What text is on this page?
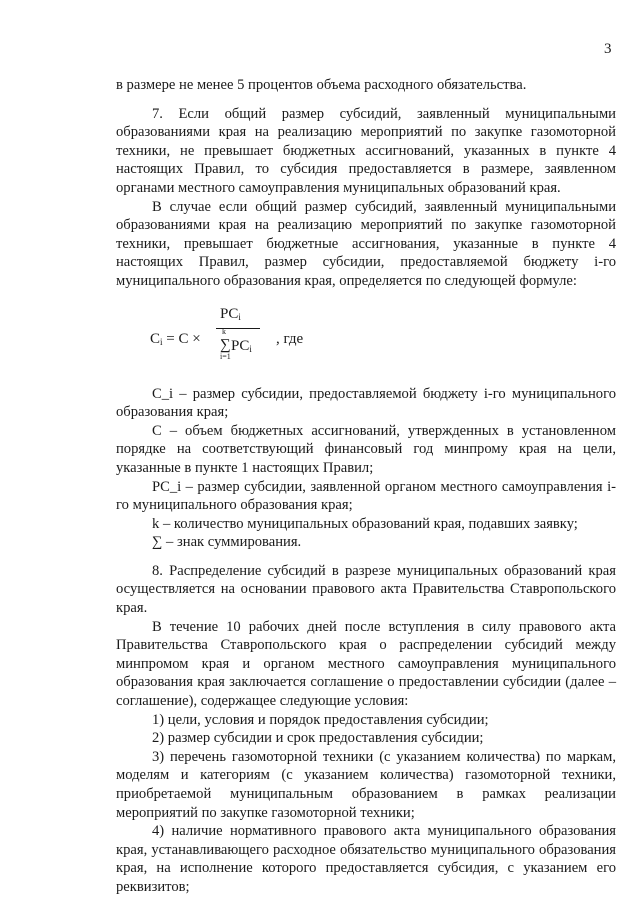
3

в размере не менее 5 процентов объема расходного обязательства.

7. Если общий размер субсидий, заявленный муниципальными образованиями края на реализацию мероприятий по закупке газомоторной техники, не превышает бюджетных ассигнований, указанных в пункте 4 настоящих Правил, то субсидия предоставляется в размере, заявленном органами местного самоуправления муниципальных образований края.

В случае если общий размер субсидий, заявленный муниципальными образованиями края на реализацию мероприятий по закупке газомоторной техники, превышает бюджетные ассигнования, указанные в пункте 4 настоящих Правил, размер субсидии, предоставляемой бюджету i-го муниципального образования края, определяется по следующей формуле:

$C_i = C$ ×
$PC_i$
k
∑ $PC_i$
i=1
, где

C_i – размер субсидии, предоставляемой бюджету i-го муниципального образования края;

C – объем бюджетных ассигнований, утвержденных в установленном порядке на соответствующий финансовый год минпрому края на цели, указанные в пункте 1 настоящих Правил;

PC_i – размер субсидии, заявленной органом местного самоуправления i-го муниципального образования края;

k – количество муниципальных образований края, подавших заявку;

∑ – знак суммирования.

8. Распределение субсидий в разрезе муниципальных образований края осуществляется на основании правового акта Правительства Ставропольского края.

В течение 10 рабочих дней после вступления в силу правового акта Правительства Ставропольского края о распределении субсидий между минпромом края и органом местного самоуправления муниципального образования края заключается соглашение о предоставлении субсидии (далее – соглашение), содержащее следующие условия:

1) цели, условия и порядок предоставления субсидии;

2) размер субсидии и срок предоставления субсидии;

3) перечень газомоторной техники (с указанием количества) по маркам, моделям и категориям (с указанием количества) газомоторной техники, приобретаемой муниципальным образованием в рамках реализации мероприятий по закупке газомоторной техники;

4) наличие нормативного правового акта муниципального образования края, устанавливающего расходное обязательство муниципального образования края, на исполнение которого предоставляется субсидия, с указанием его реквизитов;
